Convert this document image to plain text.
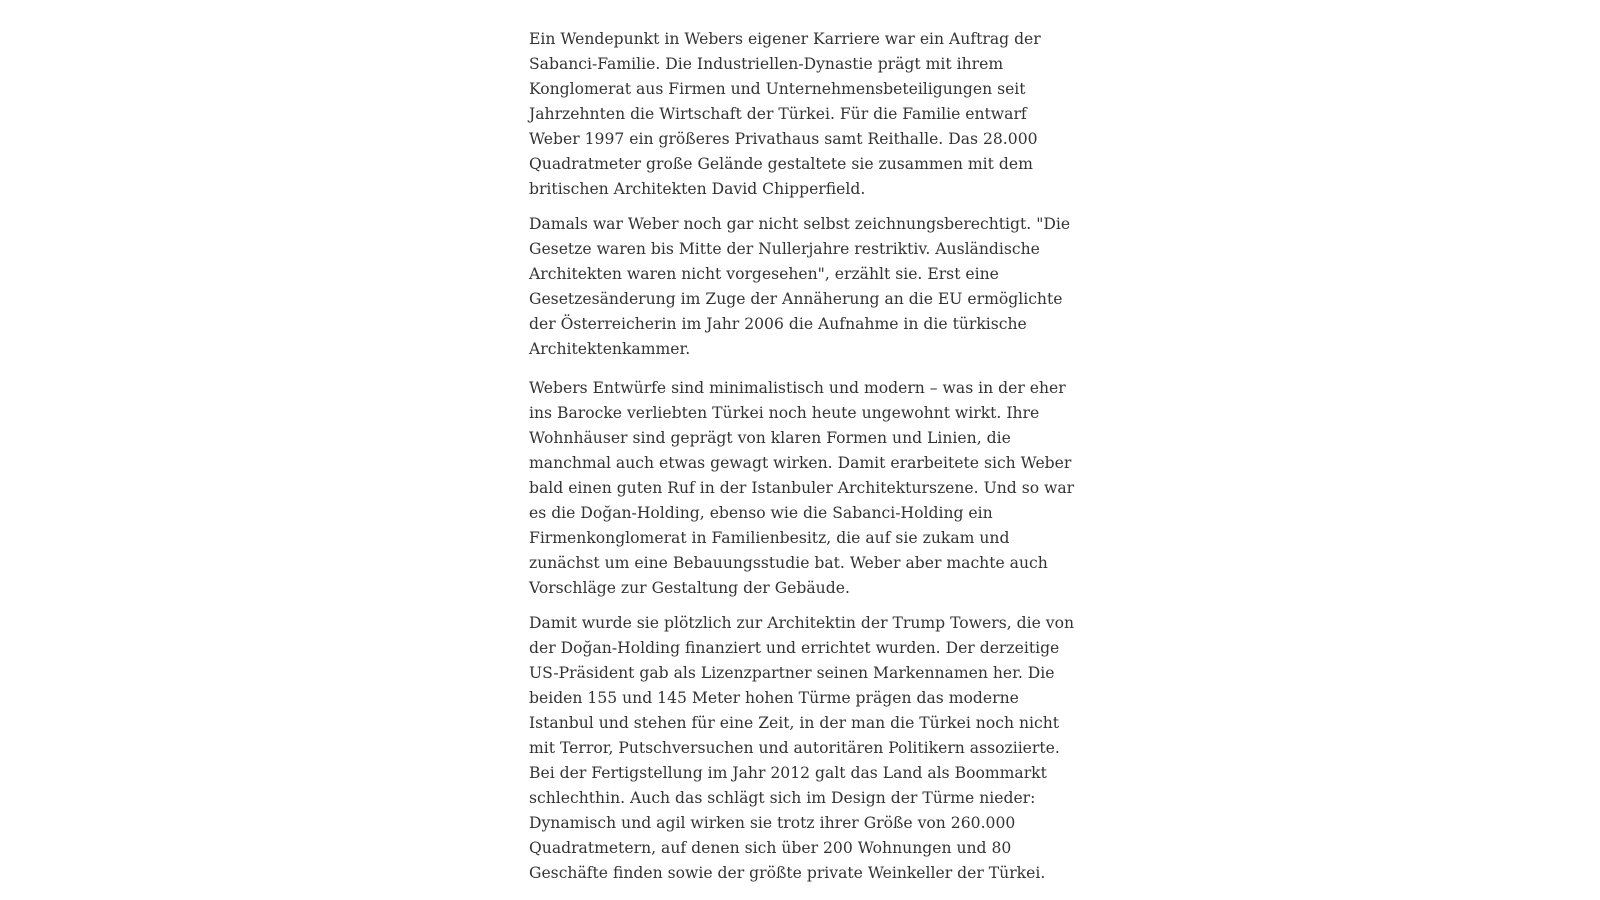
Ein Wendepunkt in Webers eigener Karriere war ein Auftrag der Sabanci-Familie. Die Industriellen-Dynastie prägt mit ihrem Konglomerat aus Firmen und Unternehmensbeteiligungen seit Jahrzehnten die Wirtschaft der Türkei. Für die Familie entwarf Weber 1997 ein größeres Privathaus samt Reithalle. Das 28.000 Quadratmeter große Gelände gestaltete sie zusammen mit dem britischen Architekten David Chipperfield.

Damals war Weber noch gar nicht selbst zeichnungsberechtigt. "Die Gesetze waren bis Mitte der Nullerjahre restriktiv. Ausländische Architekten waren nicht vorgesehen", erzählt sie. Erst eine Gesetzesänderung im Zuge der Annäherung an die EU ermöglichte der Österreicherin im Jahr 2006 die Aufnahme in die türkische Architektenkammer.

Webers Entwürfe sind minimalistisch und modern – was in der eher ins Barocke verliebten Türkei noch heute ungewohnt wirkt. Ihre Wohnhäuser sind geprägt von klaren Formen und Linien, die manchmal auch etwas gewagt wirken. Damit erarbeitete sich Weber bald einen guten Ruf in der Istanbuler Architekturszene. Und so war es die Doğan-Holding, ebenso wie die Sabanci-Holding ein Firmenkonglomerat in Familienbesitz, die auf sie zukam und zunächst um eine Bebauungsstudie bat. Weber aber machte auch Vorschläge zur Gestaltung der Gebäude.

Damit wurde sie plötzlich zur Architektin der Trump Towers, die von der Doğan-Holding finanziert und errichtet wurden. Der derzeitige US-Präsident gab als Lizenzpartner seinen Markennamen her. Die beiden 155 und 145 Meter hohen Türme prägen das moderne Istanbul und stehen für eine Zeit, in der man die Türkei noch nicht mit Terror, Putschversuchen und autoritären Politikern assoziierte. Bei der Fertigstellung im Jahr 2012 galt das Land als Boommarkt schlechthin. Auch das schlägt sich im Design der Türme nieder: Dynamisch und agil wirken sie trotz ihrer Größe von 260.000 Quadratmetern, auf denen sich über 200 Wohnungen und 80 Geschäfte finden sowie der größte private Weinkeller der Türkei.
